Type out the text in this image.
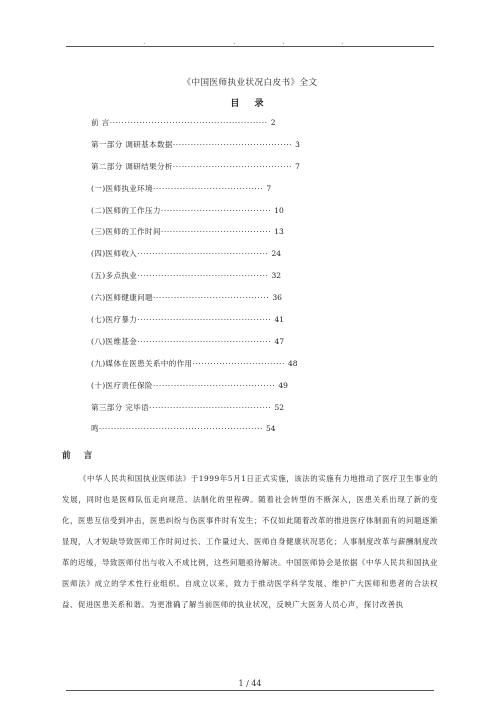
.	.	.	.
《中国医师执业状况白皮书》全文
目 录
前 言····················································· 2
第一部分 调研基本数据········································ 3
第二部分 调研结果分析········································ 7
(一)医师执业环境····································· 7
(二)医师的工作压力····································· 10
(三)医师的工作时间····································· 13
(四)医师收入············································ 24
(五)多点执业············································ 32
(六)医师健康问题······································· 36
(七)医疗暴力············································· 41
(八)医维基金············································· 47
(九)媒体在医患关系中的作用······························· 48
(十)医疗责任保险········································· 49
第三部分 完毕语········································· 52
鸣······················································· 54
前 言

《中华人民共和国执业医师法》于1999年5月1日正式实施，该法的实施有力地推动了医疗卫生事业的发展，同时也是医师队伍走向规范、法制化的里程碑。随着社会转型的不断深入，医患关系出现了新的变化，医患互信受到冲击，医患纠纷与伤医事件时有发生；不仅如此随着改革的推进医疗体制面有的问题逐渐显现，人才短缺导致医师工作时间过长、工作量过大、医师自身健康状况恶化；人事制度改革与薪酬制度改革的迟缓，导致医师付出与收入不成比例，这些问题亟待解决。中国医师协会是依据《中华人民共和国执业医师法》成立的学术性行业组织。自成立以来，致力于推动医学科学发展、维护广大医师和患者的合法权益、促进医患关系和谐。为更准确了解当前医师的执业状况，反映广大医务人员心声，探讨改善执

1 / 44
